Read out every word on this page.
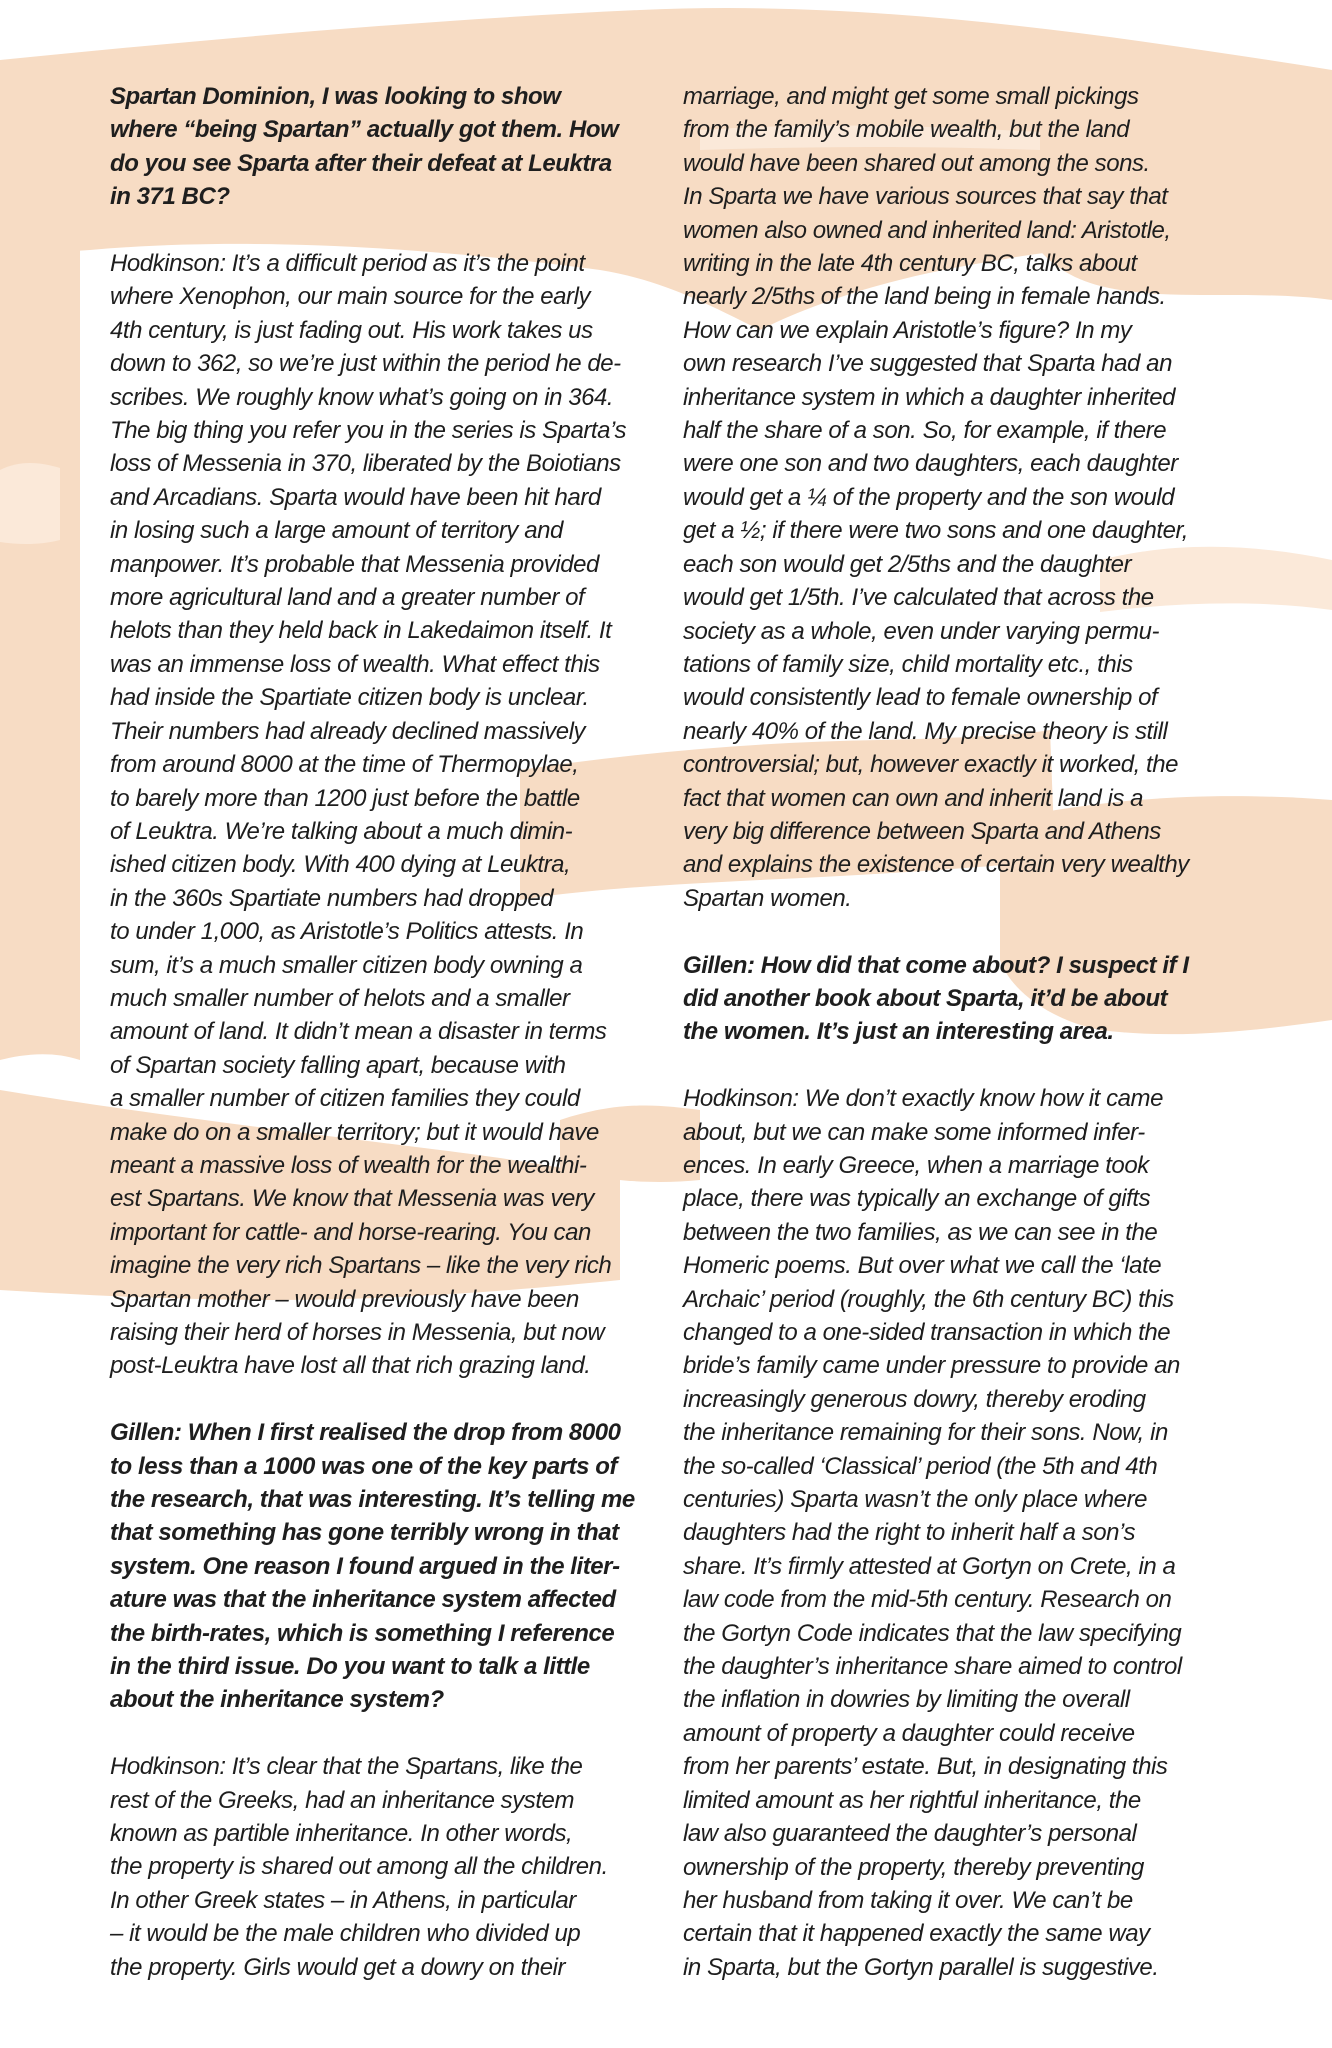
Spartan Dominion, I was looking to show
where “being Spartan” actually got them. How
do you see Sparta after their defeat at Leuktra
in 371 BC?

Hodkinson: It’s a difficult period as it’s the point
where Xenophon, our main source for the early
4th century, is just fading out. His work takes us
down to 362, so we’re just within the period he de-
scribes. We roughly know what’s going on in 364.
The big thing you refer you in the series is Sparta’s
loss of Messenia in 370, liberated by the Boiotians
and Arcadians. Sparta would have been hit hard
in losing such a large amount of territory and
manpower. It’s probable that Messenia provided
more agricultural land and a greater number of
helots than they held back in Lakedaimon itself. It
was an immense loss of wealth. What effect this
had inside the Spartiate citizen body is unclear.
Their numbers had already declined massively
from around 8000 at the time of Thermopylae,
to barely more than 1200 just before the battle
of Leuktra. We’re talking about a much dimin-
ished citizen body. With 400 dying at Leuktra,
in the 360s Spartiate numbers had dropped
to under 1,000, as Aristotle’s Politics attests. In
sum, it’s a much smaller citizen body owning a
much smaller number of helots and a smaller
amount of land. It didn’t mean a disaster in terms
of Spartan society falling apart, because with
a smaller number of citizen families they could
make do on a smaller territory; but it would have
meant a massive loss of wealth for the wealthi-
est Spartans. We know that Messenia was very
important for cattle- and horse-rearing. You can
imagine the very rich Spartans – like the very rich
Spartan mother – would previously have been
raising their herd of horses in Messenia, but now
post-Leuktra have lost all that rich grazing land.

Gillen: When I first realised the drop from 8000
to less than a 1000 was one of the key parts of
the research, that was interesting. It’s telling me
that something has gone terribly wrong in that
system. One reason I found argued in the liter-
ature was that the inheritance system affected
the birth-rates, which is something I reference
in the third issue. Do you want to talk a little
about the inheritance system?

Hodkinson: It’s clear that the Spartans, like the
rest of the Greeks, had an inheritance system
known as partible inheritance. In other words,
the property is shared out among all the children.
In other Greek states – in Athens, in particular
– it would be the male children who divided up
the property. Girls would get a dowry on their

marriage, and might get some small pickings
from the family’s mobile wealth, but the land
would have been shared out among the sons.
In Sparta we have various sources that say that
women also owned and inherited land: Aristotle,
writing in the late 4th century BC, talks about
nearly 2/5ths of the land being in female hands.
How can we explain Aristotle’s figure? In my
own research I’ve suggested that Sparta had an
inheritance system in which a daughter inherited
half the share of a son. So, for example, if there
were one son and two daughters, each daughter
would get a ¼ of the property and the son would
get a ½; if there were two sons and one daughter,
each son would get 2/5ths and the daughter
would get 1/5th. I’ve calculated that across the
society as a whole, even under varying permu-
tations of family size, child mortality etc., this
would consistently lead to female ownership of
nearly 40% of the land. My precise theory is still
controversial; but, however exactly it worked, the
fact that women can own and inherit land is a
very big difference between Sparta and Athens
and explains the existence of certain very wealthy
Spartan women.

Gillen: How did that come about? I suspect if I
did another book about Sparta, it’d be about
the women. It’s just an interesting area.

Hodkinson: We don’t exactly know how it came
about, but we can make some informed infer-
ences. In early Greece, when a marriage took
place, there was typically an exchange of gifts
between the two families, as we can see in the
Homeric poems. But over what we call the ‘late
Archaic’ period (roughly, the 6th century BC) this
changed to a one-sided transaction in which the
bride’s family came under pressure to provide an
increasingly generous dowry, thereby eroding
the inheritance remaining for their sons. Now, in
the so-called ‘Classical’ period (the 5th and 4th
centuries) Sparta wasn’t the only place where
daughters had the right to inherit half a son’s
share. It’s firmly attested at Gortyn on Crete, in a
law code from the mid-5th century. Research on
the Gortyn Code indicates that the law specifying
the daughter’s inheritance share aimed to control
the inflation in dowries by limiting the overall
amount of property a daughter could receive
from her parents’ estate. But, in designating this
limited amount as her rightful inheritance, the
law also guaranteed the daughter’s personal
ownership of the property, thereby preventing
her husband from taking it over. We can’t be
certain that it happened exactly the same way
in Sparta, but the Gortyn parallel is suggestive.
